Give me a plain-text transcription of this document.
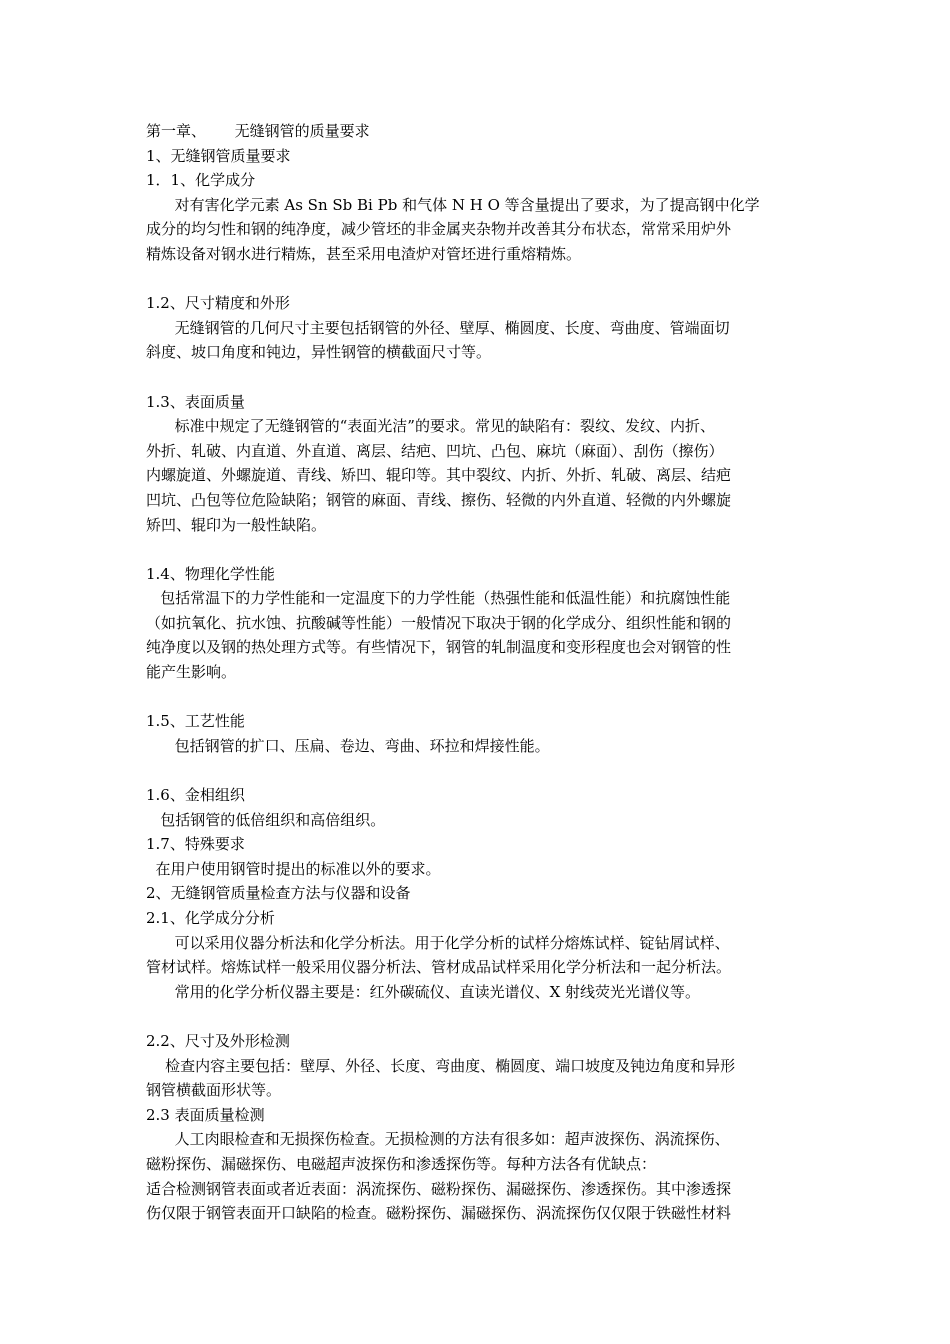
第一章、      无缝钢管的质量要求
1、无缝钢管质量要求
1．1、化学成分
对有害化学元素 As Sn Sb Bi Pb 和气体 N H O 等含量提出了要求，为了提高钢中化学
成分的均匀性和钢的纯净度，减少管坯的非金属夹杂物并改善其分布状态，常常采用炉外
精炼设备对钢水进行精炼，甚至采用电渣炉对管坯进行重熔精炼。
1.2、尺寸精度和外形
无缝钢管的几何尺寸主要包括钢管的外径、壁厚、椭圆度、长度、弯曲度、管端面切
斜度、坡口角度和钝边，异性钢管的横截面尺寸等。
1.3、表面质量
标准中规定了无缝钢管的“表面光洁”的要求。常见的缺陷有：裂纹、发纹、内折、
外折、轧破、内直道、外直道、离层、结疤、凹坑、凸包、麻坑（麻面）、刮伤（擦伤）
内螺旋道、外螺旋道、青线、矫凹、辊印等。其中裂纹、内折、外折、轧破、离层、结疤
凹坑、凸包等位危险缺陷；钢管的麻面、青线、擦伤、轻微的内外直道、轻微的内外螺旋
矫凹、辊印为一般性缺陷。
1.4、物理化学性能
包括常温下的力学性能和一定温度下的力学性能（热强性能和低温性能）和抗腐蚀性能
（如抗氧化、抗水蚀、抗酸碱等性能）一般情况下取决于钢的化学成分、组织性能和钢的
纯净度以及钢的热处理方式等。有些情况下，钢管的轧制温度和变形程度也会对钢管的性
能产生影响。
1.5、工艺性能
包括钢管的扩口、压扁、卷边、弯曲、环拉和焊接性能。
1.6、金相组织
包括钢管的低倍组织和高倍组织。
1.7、特殊要求
在用户使用钢管时提出的标准以外的要求。
2、无缝钢管质量检查方法与仪器和设备
2.1、化学成分分析
可以采用仪器分析法和化学分析法。用于化学分析的试样分熔炼试样、锭钻屑试样、
管材试样。熔炼试样一般采用仪器分析法、管材成品试样采用化学分析法和一起分析法。
常用的化学分析仪器主要是：红外碳硫仪、直读光谱仪、X 射线荧光光谱仪等。
2.2、尺寸及外形检测
检查内容主要包括：壁厚、外径、长度、弯曲度、椭圆度、端口坡度及钝边角度和异形
钢管横截面形状等。
2.3 表面质量检测
人工肉眼检查和无损探伤检查。无损检测的方法有很多如：超声波探伤、涡流探伤、
磁粉探伤、漏磁探伤、电磁超声波探伤和渗透探伤等。每种方法各有优缺点：
适合检测钢管表面或者近表面：涡流探伤、磁粉探伤、漏磁探伤、渗透探伤。其中渗透探
伤仅限于钢管表面开口缺陷的检查。磁粉探伤、漏磁探伤、涡流探伤仅仅限于铁磁性材料
